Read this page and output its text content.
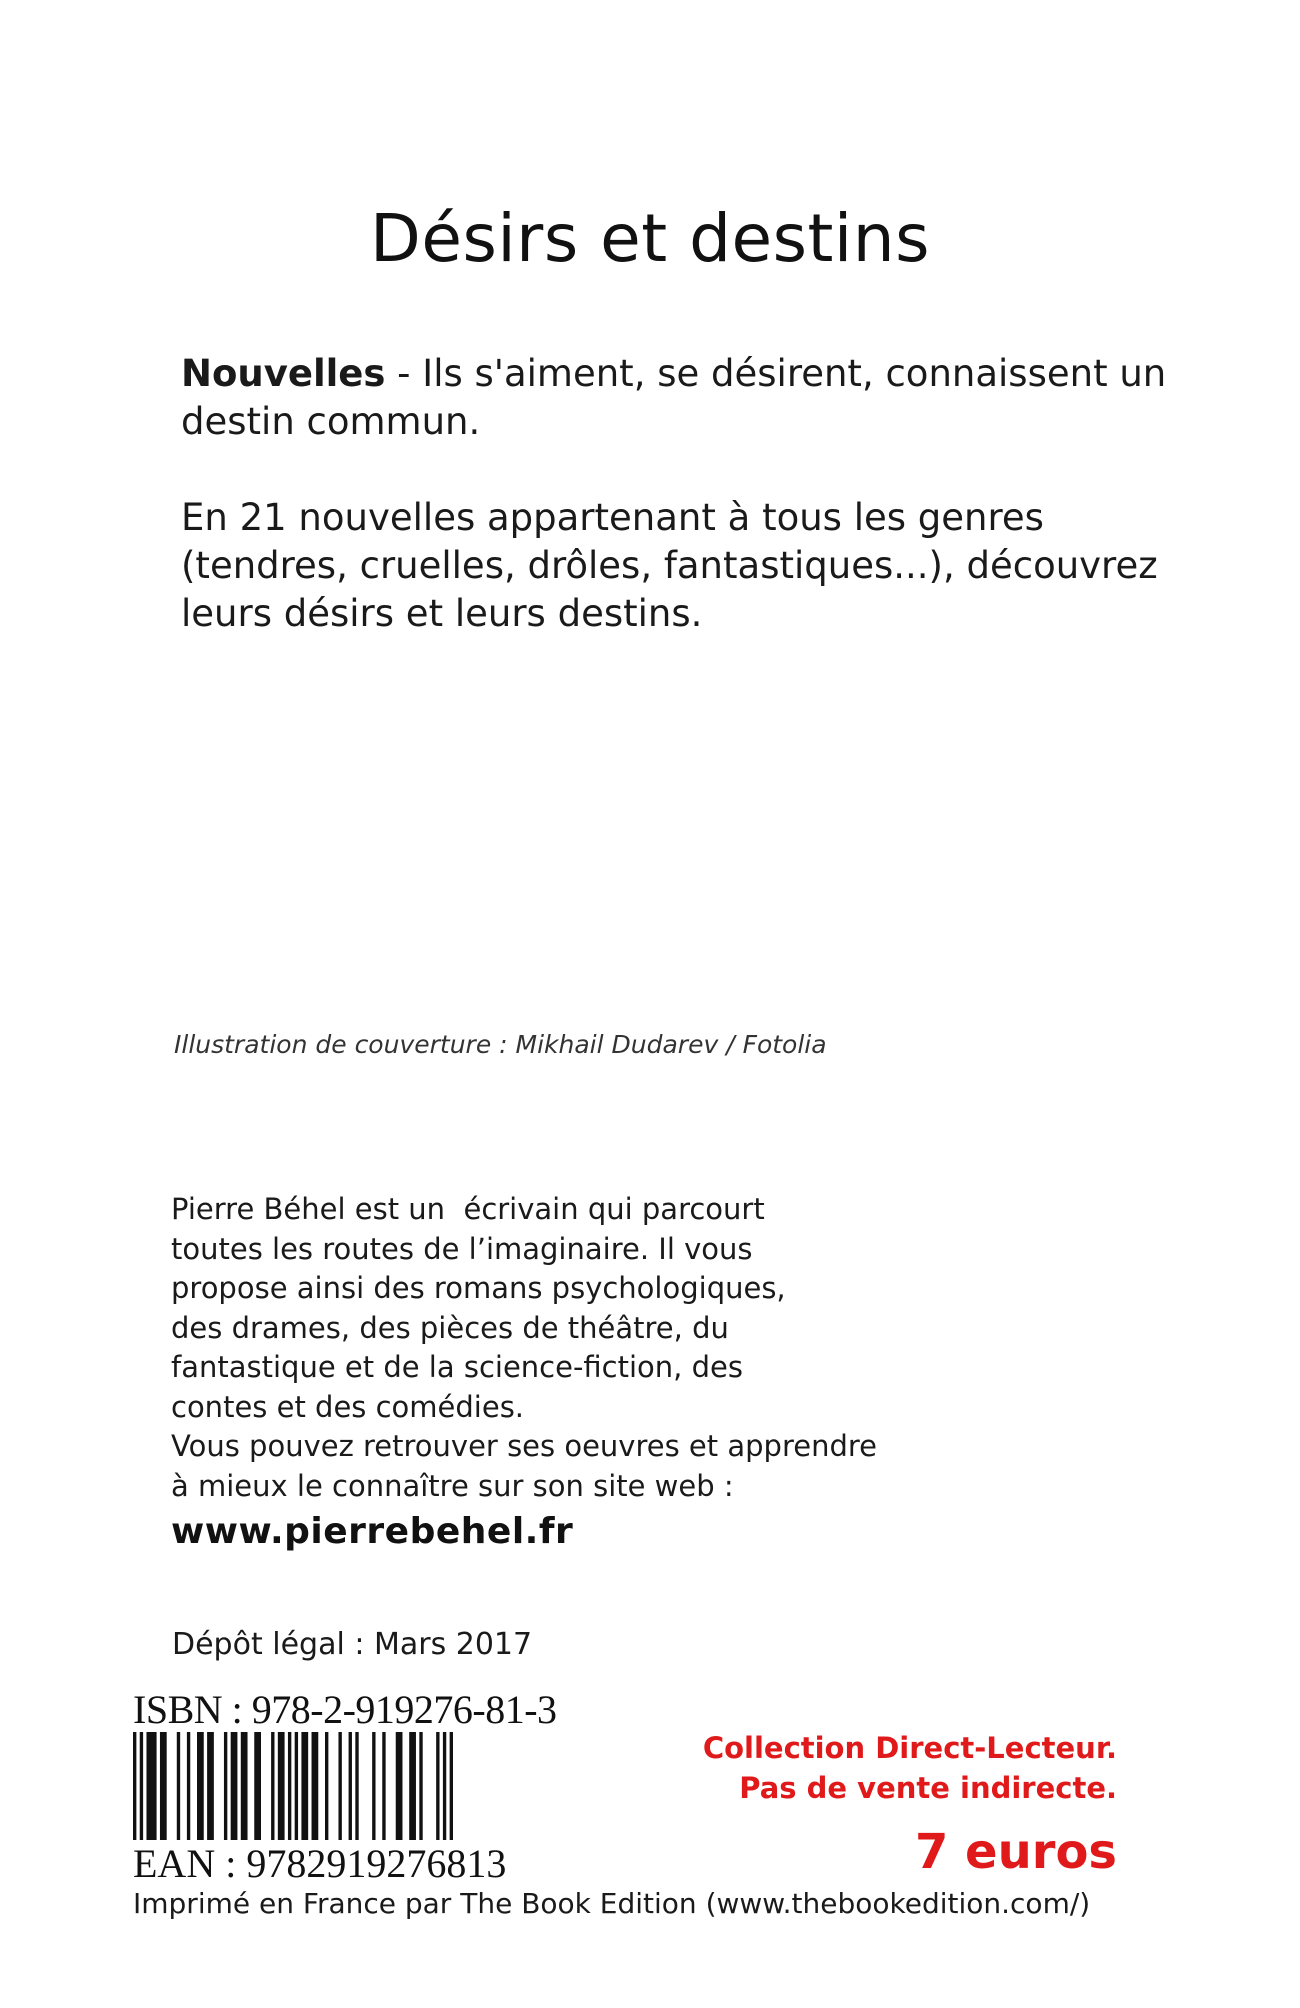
Désirs et destins

Nouvelles - Ils s'aiment, se désirent, connaissent un destin commun.

En 21 nouvelles appartenant à tous les genres (tendres, cruelles, drôles, fantastiques...), découvrez leurs désirs et leurs destins.

Illustration de couverture : Mikhail Dudarev / Fotolia
Pierre Béhel est un  écrivain qui parcourt
toutes les routes de l’imaginaire. Il vous
propose ainsi des romans psychologiques,
des drames, des pièces de théâtre, du
fantastique et de la science-fiction, des
contes et des comédies.
Vous pouvez retrouver ses oeuvres et apprendre
à mieux le connaître sur son site web :
www.pierrebehel.fr
Dépôt légal : Mars 2017
ISBN : 978-2-919276-81-3
EAN : 9782919276813
Collection Direct-Lecteur.
Pas de vente indirecte.
7 euros
Imprimé en France par The Book Edition (www.thebookedition.com/)
